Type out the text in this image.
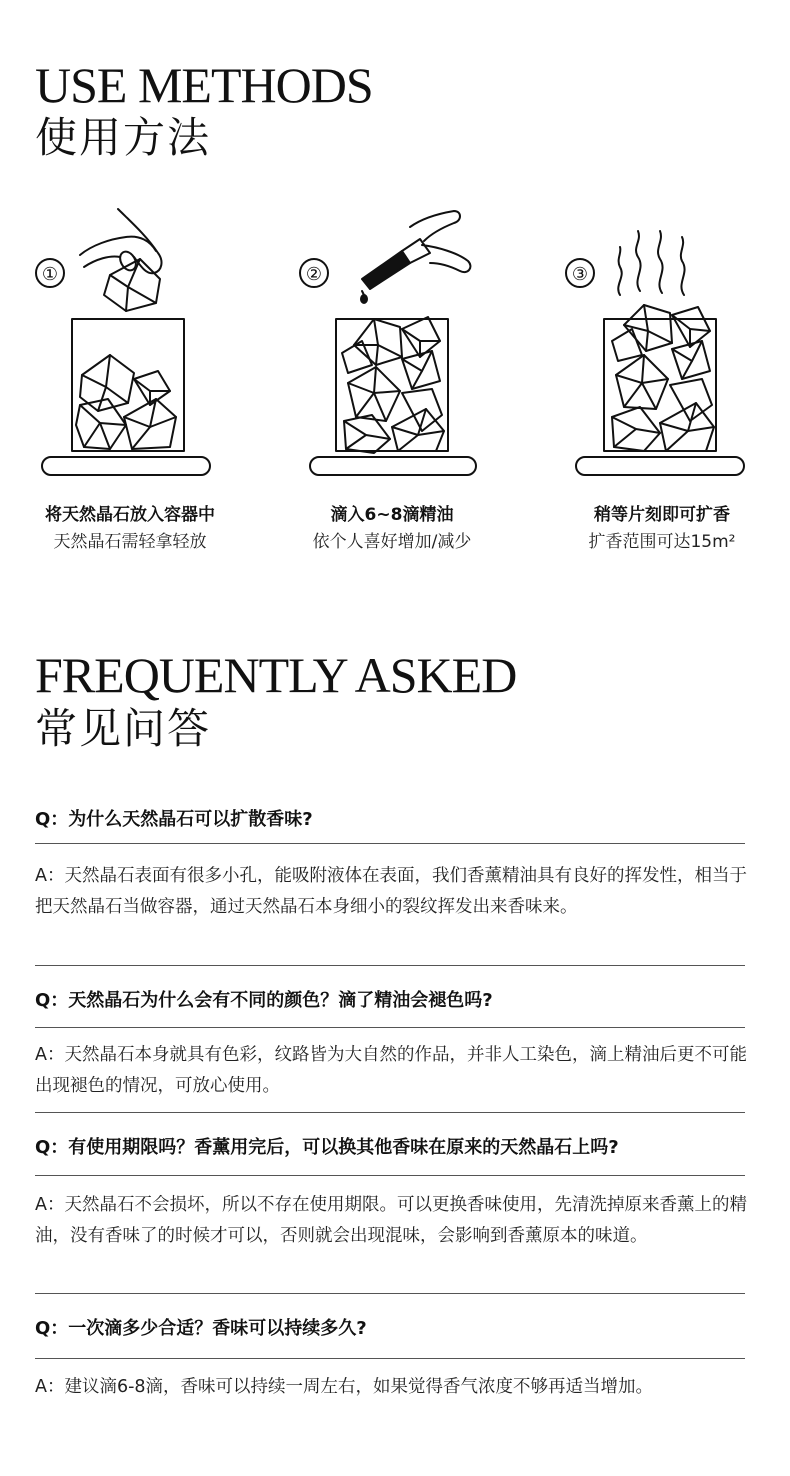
USE METHODS
使用方法
①
将天然晶石放入容器中
天然晶石需轻拿轻放
②
滴入6~8滴精油
依个人喜好增加/减少
③
稍等片刻即可扩香
扩香范围可达15m²
FREQUENTLY ASKED
常见问答
Q：为什么天然晶石可以扩散香味?
A：天然晶石表面有很多小孔，能吸附液体在表面，我们香薰精油具有良好的挥发性，相当于把天然晶石当做容器，通过天然晶石本身细小的裂纹挥发出来香味来。
Q：天然晶石为什么会有不同的颜色？滴了精油会褪色吗?
A：天然晶石本身就具有色彩，纹路皆为大自然的作品，并非人工染色，滴上精油后更不可能出现褪色的情况，可放心使用。
Q：有使用期限吗？香薰用完后，可以换其他香味在原来的天然晶石上吗?
A：天然晶石不会损坏，所以不存在使用期限。可以更换香味使用，先清洗掉原来香薰上的精油，没有香味了的时候才可以，否则就会出现混味，会影响到香薰原本的味道。
Q：一次滴多少合适？香味可以持续多久?
A：建议滴6-8滴，香味可以持续一周左右，如果觉得香气浓度不够再适当增加。
